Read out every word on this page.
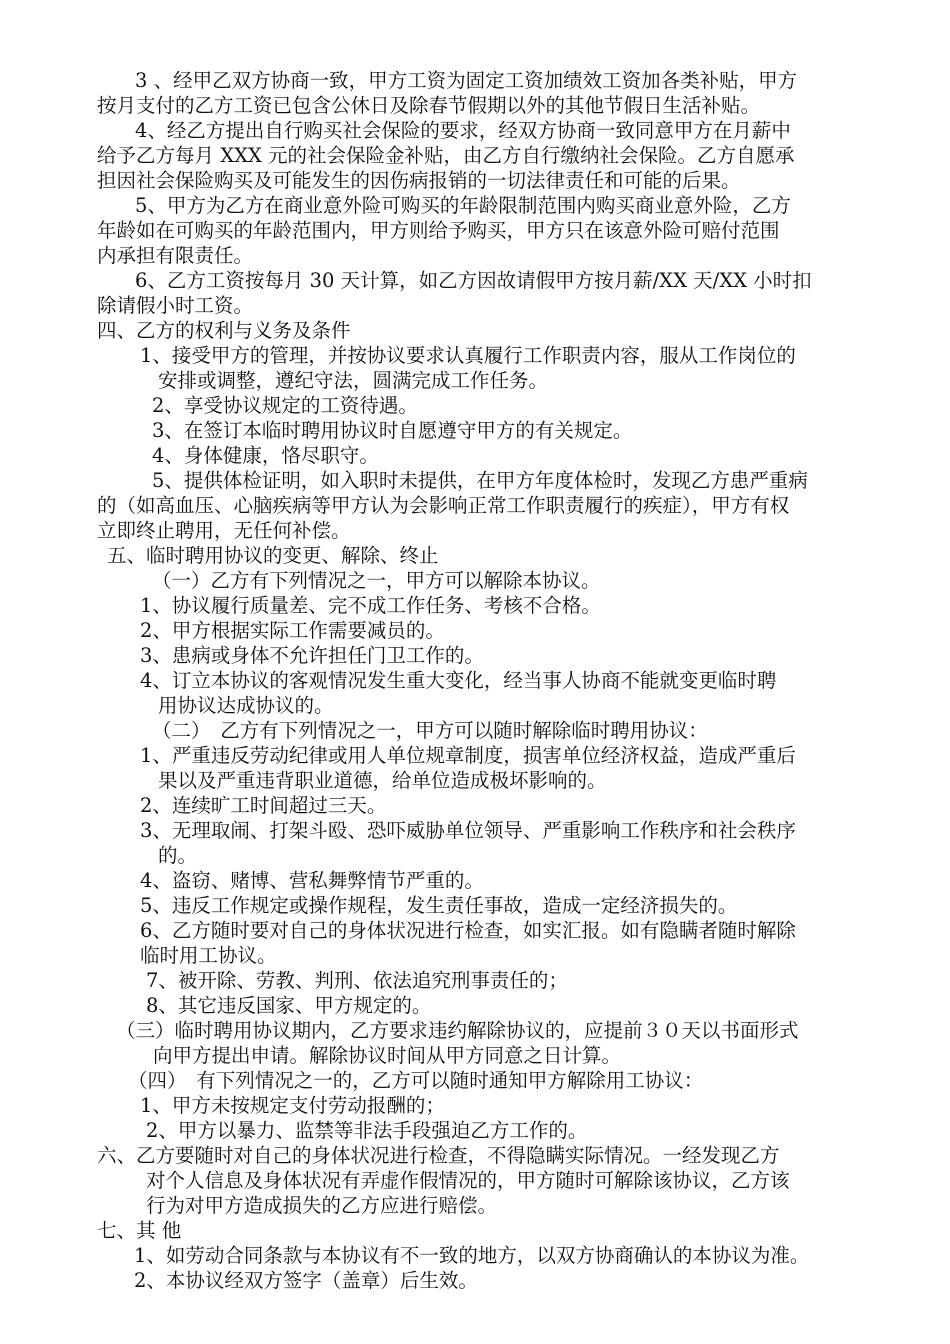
3 、经甲乙双方协商一致，甲方工资为固定工资加绩效工资加各类补贴，甲方

按月支付的乙方工资已包含公休日及除春节假期以外的其他节假日生活补贴。

4、经乙方提出自行购买社会保险的要求，经双方协商一致同意甲方在月薪中

给予乙方每月 XXX 元的社会保险金补贴，由乙方自行缴纳社会保险。乙方自愿承

担因社会保险购买及可能发生的因伤病报销的一切法律责任和可能的后果。

5、甲方为乙方在商业意外险可购买的年龄限制范围内购买商业意外险，乙方

年龄如在可购买的年龄范围内，甲方则给予购买，甲方只在该意外险可赔付范围

内承担有限责任。

6、乙方工资按每月 30 天计算，如乙方因故请假甲方按月薪/XX 天/XX 小时扣

除请假小时工资。

四、乙方的权利与义务及条件

1、接受甲方的管理，并按协议要求认真履行工作职责内容，服从工作岗位的

安排或调整，遵纪守法，圆满完成工作任务。

2、享受协议规定的工资待遇。

3、在签订本临时聘用协议时自愿遵守甲方的有关规定。

4、身体健康，恪尽职守。

5、提供体检证明，如入职时未提供，在甲方年度体检时，发现乙方患严重病

的（如高血压、心脑疾病等甲方认为会影响正常工作职责履行的疾症），甲方有权

立即终止聘用，无任何补偿。

五、临时聘用协议的变更、解除、终止

（一）乙方有下列情况之一，甲方可以解除本协议。

1、协议履行质量差、完不成工作任务、考核不合格。

2、甲方根据实际工作需要减员的。

3、患病或身体不允许担任门卫工作的。

4、订立本协议的客观情况发生重大变化，经当事人协商不能就变更临时聘

用协议达成协议的。

（二）　乙方有下列情况之一，甲方可以随时解除临时聘用协议：

1、严重违反劳动纪律或用人单位规章制度，损害单位经济权益，造成严重后

果以及严重违背职业道德，给单位造成极坏影响的。

2、连续旷工时间超过三天。

3、无理取闹、打架斗殴、恐吓威胁单位领导、严重影响工作秩序和社会秩序

的。

4、盗窃、赌博、营私舞弊情节严重的。

5、违反工作规定或操作规程，发生责任事故，造成一定经济损失的。

6、乙方随时要对自己的身体状况进行检查，如实汇报。如有隐瞒者随时解除

临时用工协议。

7、被开除、劳教、判刑、依法追究刑事责任的；

8、其它违反国家、甲方规定的。

（三）临时聘用协议期内，乙方要求违约解除协议的，应提前３０天以书面形式

向甲方提出申请。解除协议时间从甲方同意之日计算。

（四）　有下列情况之一的，乙方可以随时通知甲方解除用工协议：

1、甲方未按规定支付劳动报酬的；

2、甲方以暴力、监禁等非法手段强迫乙方工作的。

六、乙方要随时对自己的身体状况进行检查，不得隐瞒实际情况。一经发现乙方

对个人信息及身体状况有弄虚作假情况的，甲方随时可解除该协议，乙方该

行为对甲方造成损失的乙方应进行赔偿。

七、其 他

1、如劳动合同条款与本协议有不一致的地方，以双方协商确认的本协议为准。

2、本协议经双方签字（盖章）后生效。
